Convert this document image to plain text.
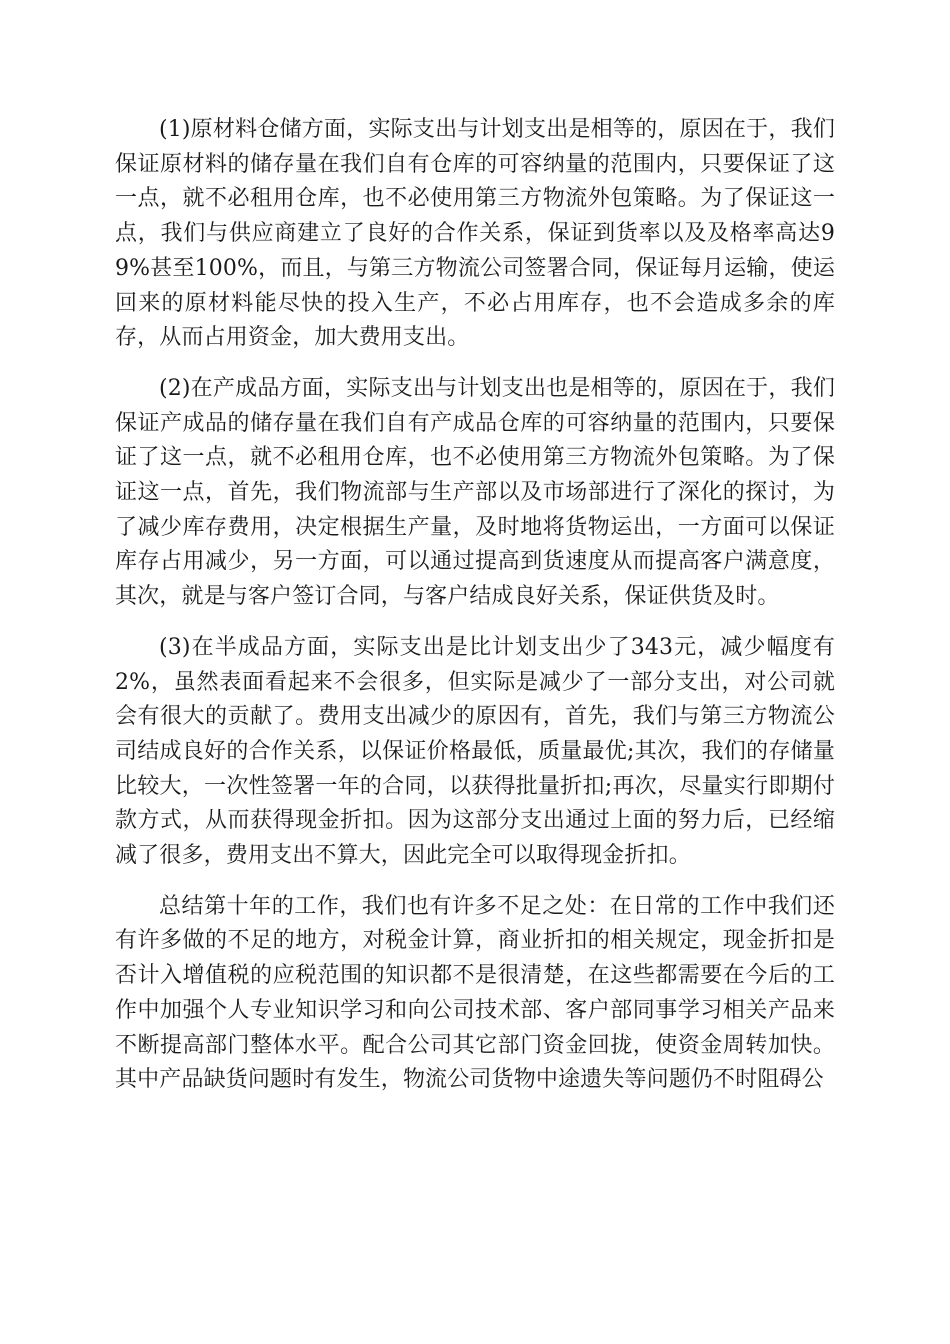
(1)原材料仓储方面，实际支出与计划支出是相等的，原因在于，我们保证原材料的储存量在我们自有仓库的可容纳量的范围内，只要保证了这一点，就不必租用仓库，也不必使用第三方物流外包策略。为了保证这一点，我们与供应商建立了良好的合作关系，保证到货率以及及格率高达99%甚至100%，而且，与第三方物流公司签署合同，保证每月运输，使运回来的原材料能尽快的投入生产，不必占用库存，也不会造成多余的库存，从而占用资金，加大费用支出。

(2)在产成品方面，实际支出与计划支出也是相等的，原因在于，我们保证产成品的储存量在我们自有产成品仓库的可容纳量的范围内，只要保证了这一点，就不必租用仓库，也不必使用第三方物流外包策略。为了保证这一点，首先，我们物流部与生产部以及市场部进行了深化的探讨，为了减少库存费用，决定根据生产量，及时地将货物运出，一方面可以保证库存占用减少，另一方面，可以通过提高到货速度从而提高客户满意度，其次，就是与客户签订合同，与客户结成良好关系，保证供货及时。

(3)在半成品方面，实际支出是比计划支出少了343元，减少幅度有2%，虽然表面看起来不会很多，但实际是减少了一部分支出，对公司就会有很大的贡献了。费用支出减少的原因有，首先，我们与第三方物流公司结成良好的合作关系，以保证价格最低，质量最优;其次，我们的存储量比较大，一次性签署一年的合同，以获得批量折扣;再次，尽量实行即期付款方式，从而获得现金折扣。因为这部分支出通过上面的努力后，已经缩减了很多，费用支出不算大，因此完全可以取得现金折扣。

总结第十年的工作，我们也有许多不足之处：在日常的工作中我们还有许多做的不足的地方，对税金计算，商业折扣的相关规定，现金折扣是否计入增值税的应税范围的知识都不是很清楚，在这些都需要在今后的工作中加强个人专业知识学习和向公司技术部、客户部同事学习相关产品来不断提高部门整体水平。配合公司其它部门资金回拢，使资金周转加快。其中产品缺货问题时有发生，物流公司货物中途遗失等问题仍不时阻碍公
